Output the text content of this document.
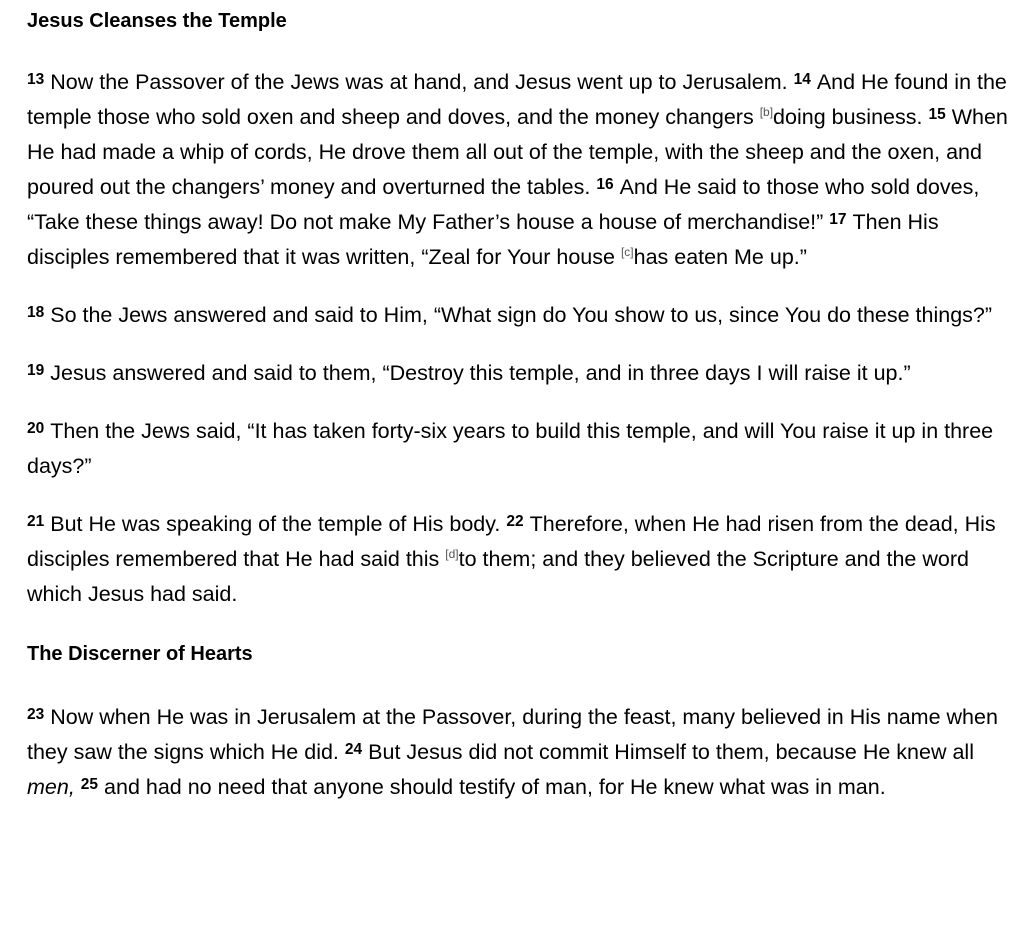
Jesus Cleanses the Temple

$^{13}$ Now the Passover of the Jews was at hand, and Jesus went up to Jerusalem. $^{14}$ And He found in the temple those who sold oxen and sheep and doves, and the money changers [b]doing business. $^{15}$ When He had made a whip of cords, He drove them all out of the temple, with the sheep and the oxen, and poured out the changers’ money and overturned the tables. $^{16}$ And He said to those who sold doves, “Take these things away! Do not make My Father’s house a house of merchandise!” $^{17}$ Then His disciples remembered that it was written, “Zeal for Your house [c]has eaten Me up.”

$^{18}$ So the Jews answered and said to Him, “What sign do You show to us, since You do these things?”

$^{19}$ Jesus answered and said to them, “Destroy this temple, and in three days I will raise it up.”

$^{20}$ Then the Jews said, “It has taken forty-six years to build this temple, and will You raise it up in three days?”

$^{21}$ But He was speaking of the temple of His body. $^{22}$ Therefore, when He had risen from the dead, His disciples remembered that He had said this [d]to them; and they believed the Scripture and the word which Jesus had said.

The Discerner of Hearts

$^{23}$ Now when He was in Jerusalem at the Passover, during the feast, many believed in His name when they saw the signs which He did. $^{24}$ But Jesus did not commit Himself to them, because He knew all men, $^{25}$ and had no need that anyone should testify of man, for He knew what was in man.
